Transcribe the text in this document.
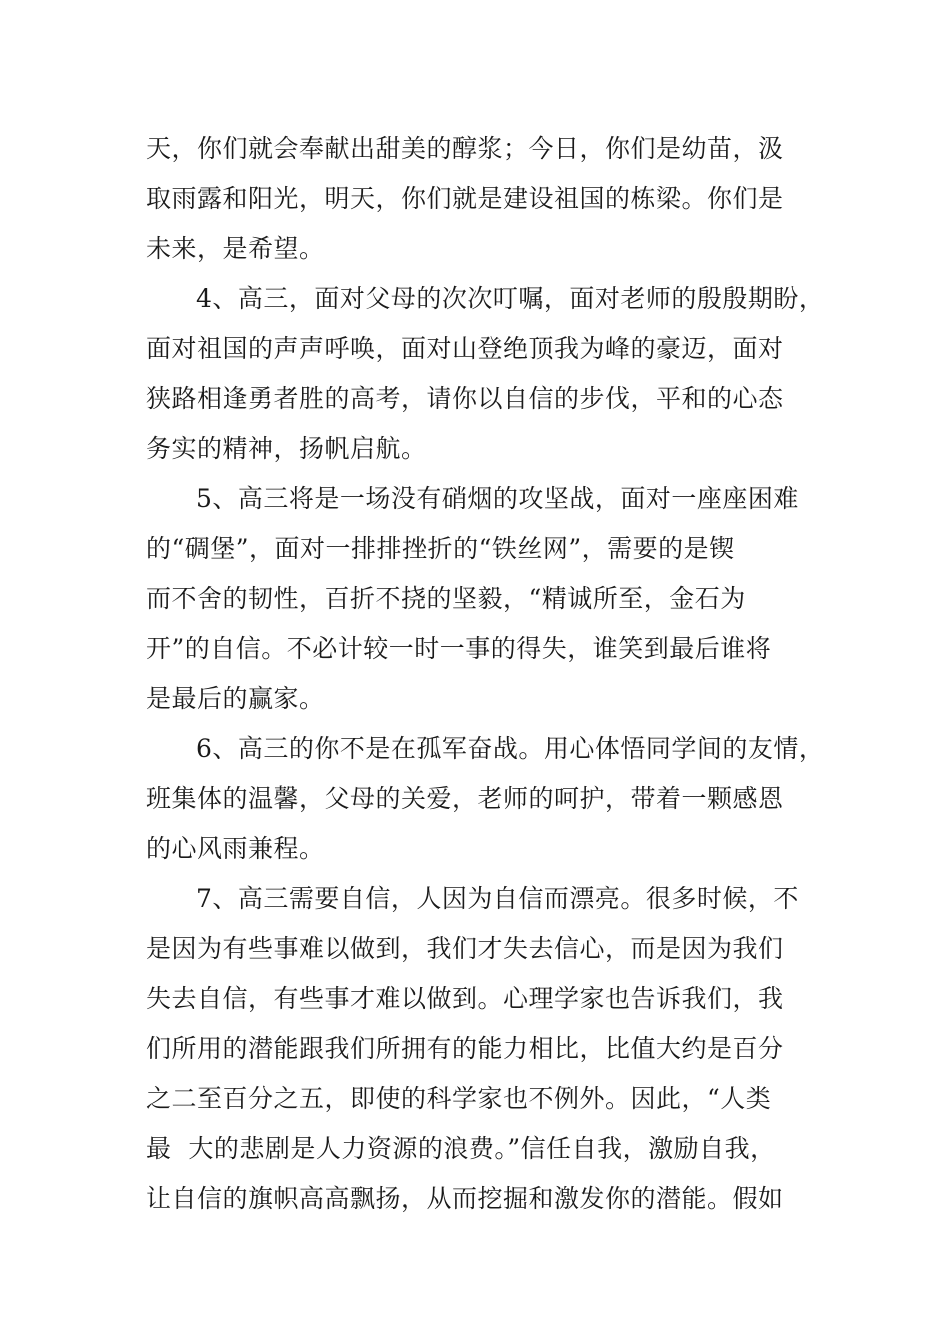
天，你们就会奉献出甜美的醇浆；今日，你们是幼苗，汲
取雨露和阳光，明天，你们就是建设祖国的栋梁。你们是
未来，是希望。
4、高三，面对父母的次次叮嘱，面对老师的殷殷期盼，
面对祖国的声声呼唤，面对山登绝顶我为峰的豪迈，面对
狭路相逢勇者胜的高考，请你以自信的步伐，平和的心态
务实的精神，扬帆启航。
5、高三将是一场没有硝烟的攻坚战，面对一座座困难
的“碉堡”，面对一排排挫折的“铁丝网”，需要的是锲
而不舍的韧性，百折不挠的坚毅，“精诚所至，金石为
开”的自信。不必计较一时一事的得失，谁笑到最后谁将
是最后的赢家。
6、高三的你不是在孤军奋战。用心体悟同学间的友情，
班集体的温馨，父母的关爱，老师的呵护，带着一颗感恩
的心风雨兼程。
7、高三需要自信，人因为自信而漂亮。很多时候，不
是因为有些事难以做到，我们才失去信心，而是因为我们
失去自信，有些事才难以做到。心理学家也告诉我们，我
们所用的潜能跟我们所拥有的能力相比，比值大约是百分
之二至百分之五，即使的科学家也不例外。因此，“人类
最  大的悲剧是人力资源的浪费。”信任自我，激励自我，
让自信的旗帜高高飘扬，从而挖掘和激发你的潜能。假如
